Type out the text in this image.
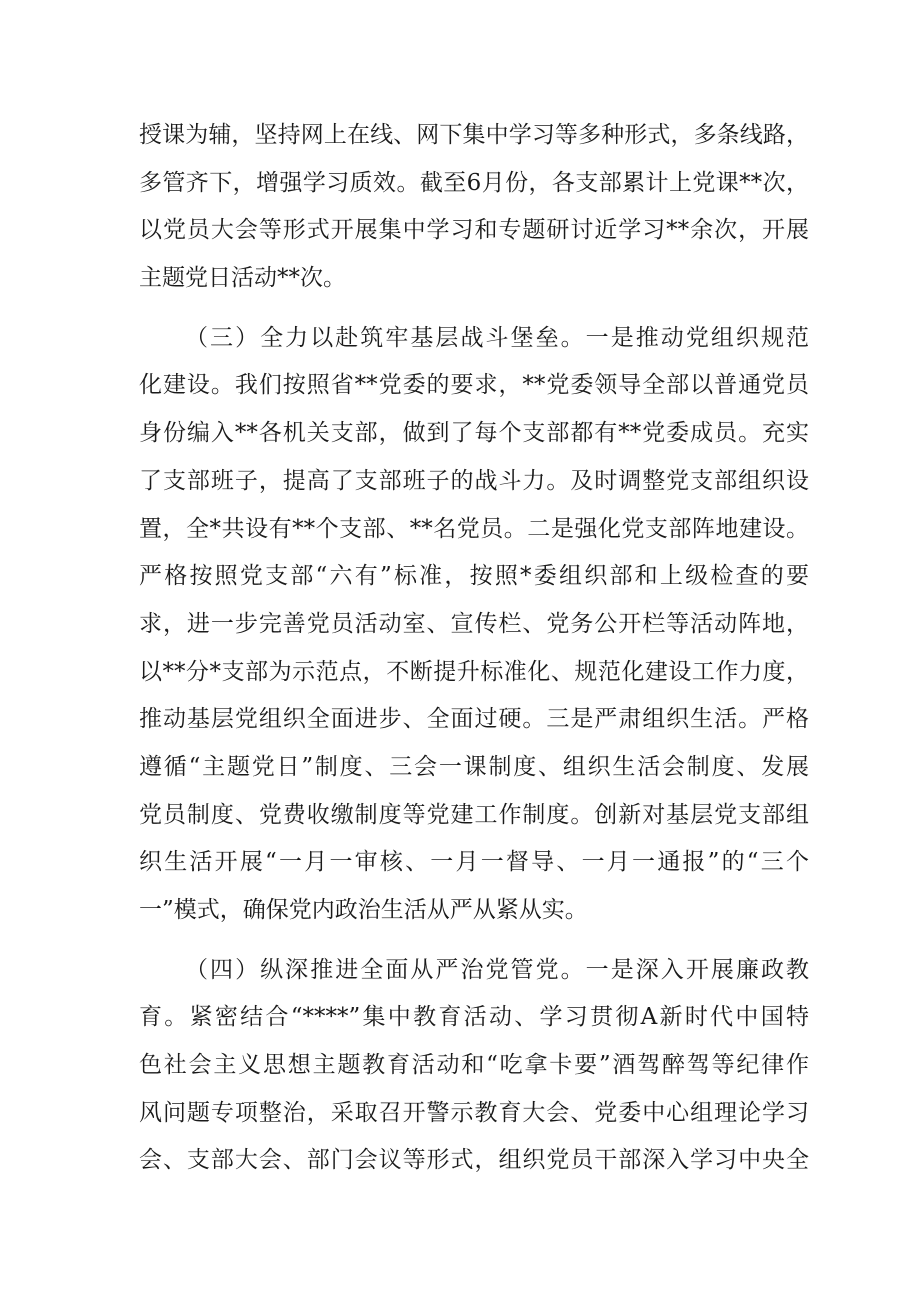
授课为辅，坚持网上在线、网下集中学习等多种形式，多条线路，
多管齐下，增强学习质效。截至6月份，各支部累计上党课**次，
以党员大会等形式开展集中学习和专题研讨近学习**余次，开展
主题党日活动**次。
（三）全力以赴筑牢基层战斗堡垒。一是推动党组织规范
化建设。我们按照省**党委的要求，**党委领导全部以普通党员
身份编入**各机关支部，做到了每个支部都有**党委成员。充实
了支部班子，提高了支部班子的战斗力。及时调整党支部组织设
置，全*共设有**个支部、**名党员。二是强化党支部阵地建设。
严格按照党支部“六有”标准，按照*委组织部和上级检查的要
求，进一步完善党员活动室、宣传栏、党务公开栏等活动阵地，
以**分*支部为示范点，不断提升标准化、规范化建设工作力度，
推动基层党组织全面进步、全面过硬。三是严肃组织生活。严格
遵循“主题党日”制度、三会一课制度、组织生活会制度、发展
党员制度、党费收缴制度等党建工作制度。创新对基层党支部组
织生活开展“一月一审核、一月一督导、一月一通报”的“三个
一”模式，确保党内政治生活从严从紧从实。
（四）纵深推进全面从严治党管党。一是深入开展廉政教
育。紧密结合“****”集中教育活动、学习贯彻A新时代中国特
色社会主义思想主题教育活动和“吃拿卡要”酒驾醉驾等纪律作
风问题专项整治，采取召开警示教育大会、党委中心组理论学习
会、支部大会、部门会议等形式，组织党员干部深入学习中央全
